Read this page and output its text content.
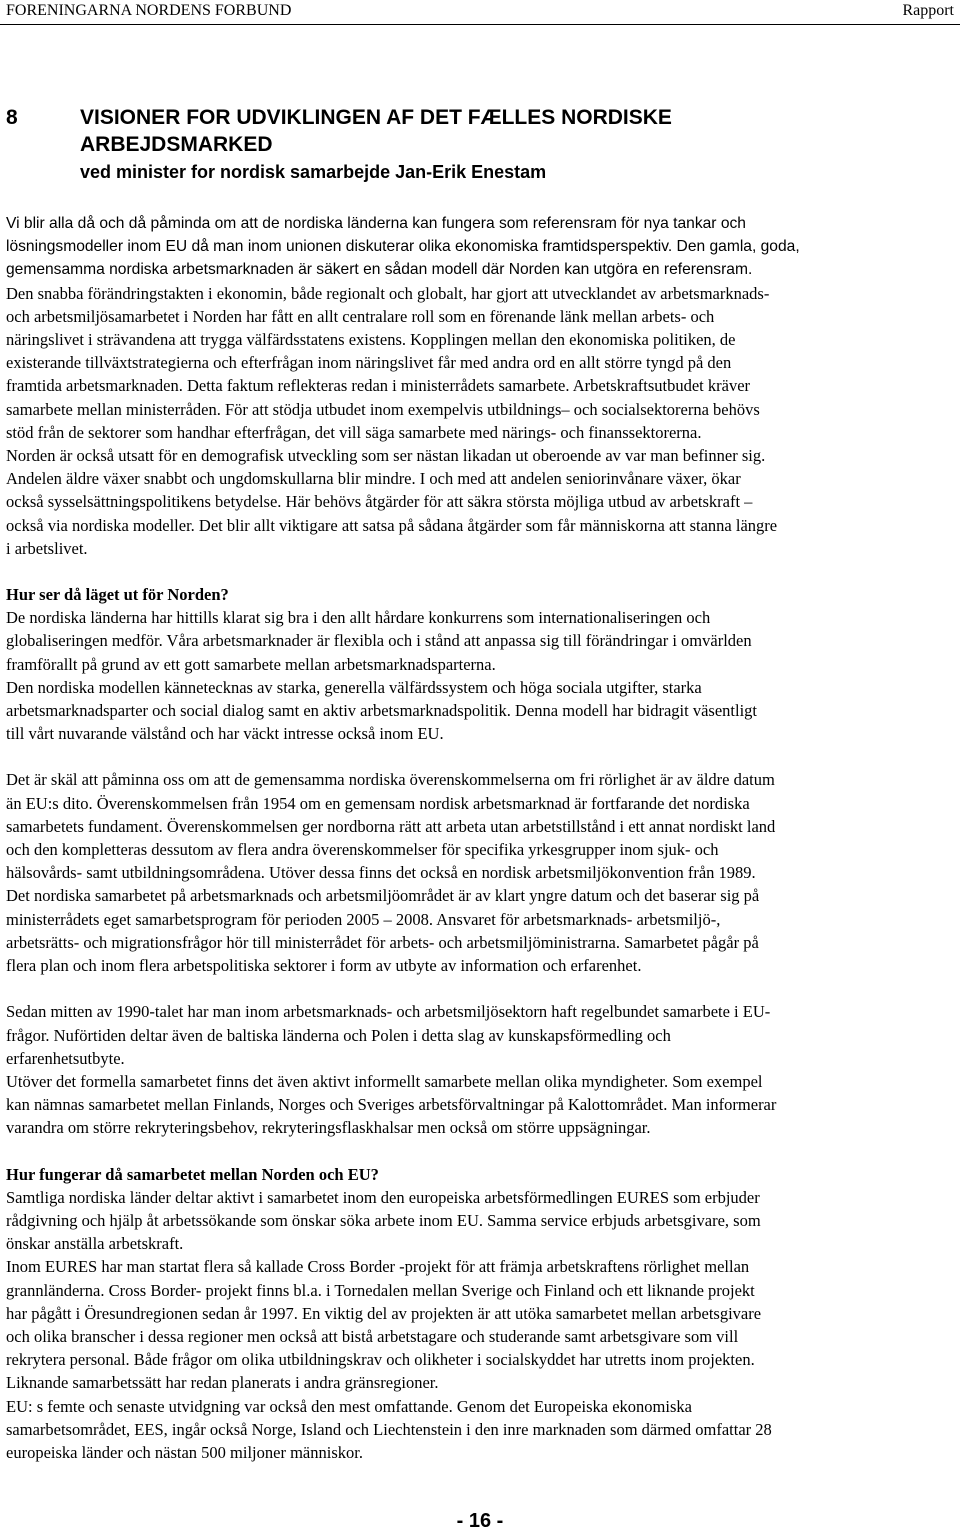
FORENINGARNA NORDENS FORBUND	Rapport
8	VISIONER FOR UDVIKLINGEN AF DET FÆLLES NORDISKE
ARBEJDSMARKED
ved minister for nordisk samarbejde Jan-Erik Enestam

Vi blir alla då och då påminda om att de nordiska länderna kan fungera som referensram för nya tankar och
lösningsmodeller inom EU då man inom unionen diskuterar olika ekonomiska framtidsperspektiv. Den gamla, goda,
gemensamma nordiska arbetsmarknaden är säkert en sådan modell där Norden kan utgöra en referensram.

Den snabba förändringstakten i ekonomin, både regionalt och globalt, har gjort att utvecklandet av arbetsmarknads-
och arbetsmiljösamarbetet i Norden har fått en allt centralare roll som en förenande länk mellan arbets- och
näringslivet i strävandena att trygga välfärdsstatens existens. Kopplingen mellan den ekonomiska politiken, de
existerande tillväxtstrategierna och efterfrågan inom näringslivet får med andra ord en allt större tyngd på den
framtida arbetsmarknaden. Detta faktum reflekteras redan i ministerrådets samarbete. Arbetskraftsutbudet kräver
samarbete mellan ministerråden. För att stödja utbudet inom exempelvis utbildnings– och socialsektorerna behövs
stöd från de sektorer som handhar efterfrågan, det vill säga samarbete med närings- och finanssektorerna.
Norden är också utsatt för en demografisk utveckling som ser nästan likadan ut oberoende av var man befinner sig.
Andelen äldre växer snabbt och ungdomskullarna blir mindre. I och med att andelen seniorinvånare växer, ökar
också sysselsättningspolitikens betydelse. Här behövs åtgärder för att säkra största möjliga utbud av arbetskraft –
också via nordiska modeller. Det blir allt viktigare att satsa på sådana åtgärder som får människorna att stanna längre
i arbetslivet.

Hur ser då läget ut för Norden?

De nordiska länderna har hittills klarat sig bra i den allt hårdare konkurrens som internationaliseringen och
globaliseringen medför. Våra arbetsmarknader är flexibla och i stånd att anpassa sig till förändringar i omvärlden
framförallt på grund av ett gott samarbete mellan arbetsmarknadsparterna.
Den nordiska modellen kännetecknas av starka, generella välfärdssystem och höga sociala utgifter, starka
arbetsmarknadsparter och social dialog samt en aktiv arbetsmarknadspolitik. Denna modell har bidragit väsentligt
till vårt nuvarande välstånd och har väckt intresse också inom EU.

Det är skäl att påminna oss om att de gemensamma nordiska överenskommelserna om fri rörlighet är av äldre datum
än EU:s dito. Överenskommelsen från 1954 om en gemensam nordisk arbetsmarknad är fortfarande det nordiska
samarbetets fundament. Överenskommelsen ger nordborna rätt att arbeta utan arbetstillstånd i ett annat nordiskt land
och den kompletteras dessutom av flera andra överenskommelser för specifika yrkesgrupper inom sjuk- och
hälsovårds- samt utbildningsområdena. Utöver dessa finns det också en nordisk arbetsmiljökonvention från 1989.
Det nordiska samarbetet på arbetsmarknads och arbetsmiljöområdet är av klart yngre datum och det baserar sig på
ministerrådets eget samarbetsprogram för perioden 2005 – 2008. Ansvaret för arbetsmarknads- arbetsmiljö-,
arbetsrätts- och migrationsfrågor hör till ministerrådet för arbets- och arbetsmiljöministrarna. Samarbetet pågår på
flera plan och inom flera arbetspolitiska sektorer i form av utbyte av information och erfarenhet.

Sedan mitten av 1990-talet har man inom arbetsmarknads- och arbetsmiljösektorn haft regelbundet samarbete i EU-
frågor. Nuförtiden deltar även de baltiska länderna och Polen i detta slag av kunskapsförmedling och
erfarenhetsutbyte.
Utöver det formella samarbetet finns det även aktivt informellt samarbete mellan olika myndigheter. Som exempel
kan nämnas samarbetet mellan Finlands, Norges och Sveriges arbetsförvaltningar på Kalottområdet. Man informerar
varandra om större rekryteringsbehov, rekryteringsflaskhalsar men också om större uppsägningar.

Hur fungerar då samarbetet mellan Norden och EU?

Samtliga nordiska länder deltar aktivt i samarbetet inom den europeiska arbetsförmedlingen EURES som erbjuder
rådgivning och hjälp åt arbetssökande som önskar söka arbete inom EU. Samma service erbjuds arbetsgivare, som
önskar anställa arbetskraft.
Inom EURES har man startat flera så kallade Cross Border -projekt för att främja arbetskraftens rörlighet mellan
grannländerna. Cross Border- projekt finns bl.a. i Tornedalen mellan Sverige och Finland och ett liknande projekt
har pågått i Öresundregionen sedan år 1997. En viktig del av projekten är att utöka samarbetet mellan arbetsgivare
och olika branscher i dessa regioner men också att bistå arbetstagare och studerande samt arbetsgivare som vill
rekrytera personal. Både frågor om olika utbildningskrav och olikheter i socialskyddet har utretts inom projekten.
Liknande samarbetssätt har redan planerats i andra gränsregioner.
EU: s femte och senaste utvidgning var också den mest omfattande. Genom det Europeiska ekonomiska
samarbetsområdet, EES, ingår också Norge, Island och Liechtenstein i den inre marknaden som därmed omfattar 28
europeiska länder och nästan 500 miljoner människor.

- 16 -
